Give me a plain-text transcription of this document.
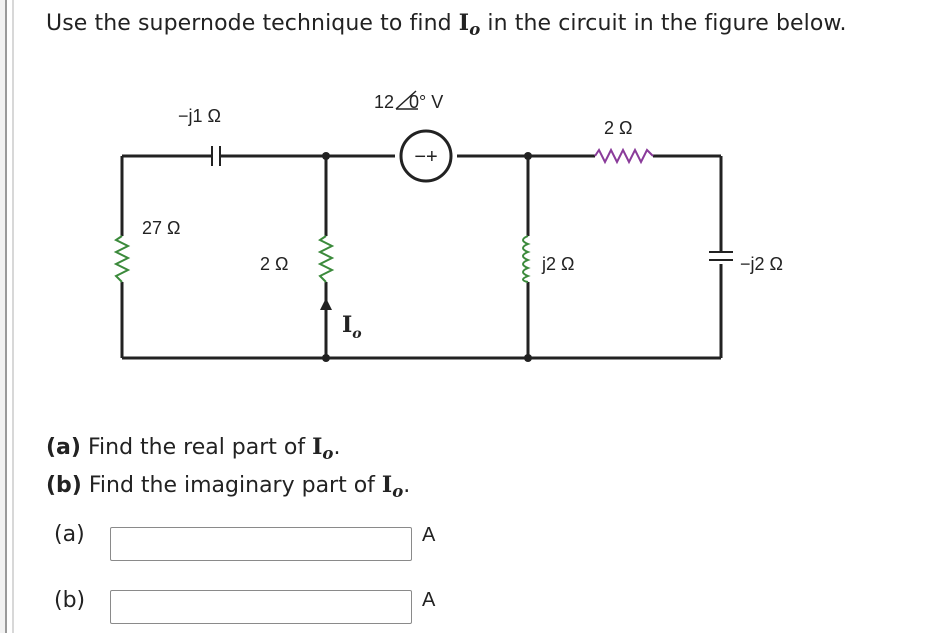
Use the supernode technique to find $I_o$ in the circuit in the figure below.
−+
−j1 Ω
12 0° V
2 Ω
27 Ω
2 Ω
$I_o$
j2 Ω	−j2 Ω
(a) Find the real part of $I_o$.
(b) Find the imaginary part of $I_o$.
(a)	A
(b)	A
